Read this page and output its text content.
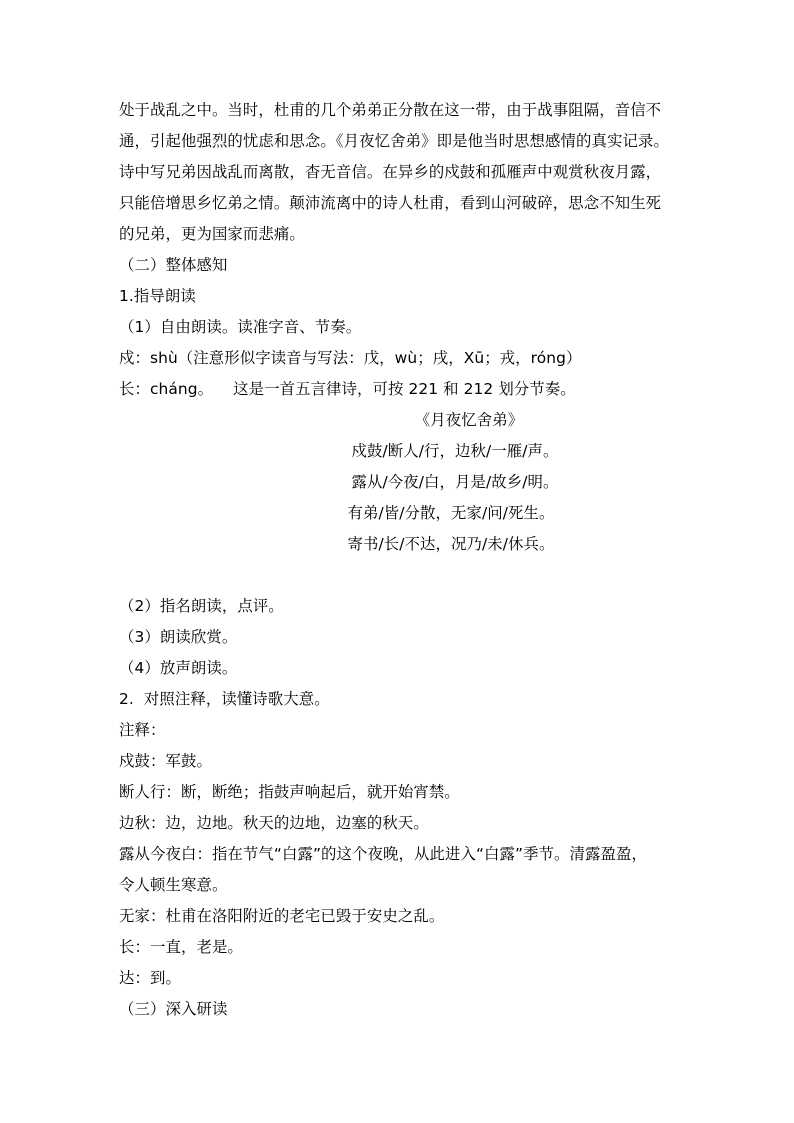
处于战乱之中。当时，杜甫的几个弟弟正分散在这一带，由于战事阻隔，音信不
通，引起他强烈的忧虑和思念。《月夜忆舍弟》即是他当时思想感情的真实记录。
诗中写兄弟因战乱而离散，杳无音信。在异乡的戍鼓和孤雁声中观赏秋夜月露，
只能倍增思乡忆弟之情。颠沛流离中的诗人杜甫，看到山河破碎，思念不知生死
的兄弟，更为国家而悲痛。
（二）整体感知
1.指导朗读
（1）自由朗读。读准字音、节奏。
戍：shù（注意形似字读音与写法：戊，wù；戌，Xū；戎，róng）
长：cháng。    这是一首五言律诗，可按 221 和 212 划分节奏。
《月夜忆舍弟》
戍鼓/断人/行，边秋/一雁/声。
露从/今夜/白，月是/故乡/明。
有弟/皆/分散，无家/问/死生。
寄书/长/不达，况乃/未/休兵。
（2）指名朗读，点评。
（3）朗读欣赏。
（4）放声朗读。
2.  对照注释，读懂诗歌大意。
注释：
戍鼓：军鼓。
断人行：断，断绝；指鼓声响起后，就开始宵禁。
边秋：边，边地。秋天的边地，边塞的秋天。
露从今夜白：指在节气“白露”的这个夜晚，从此进入“白露”季节。清露盈盈，
令人顿生寒意。
无家：杜甫在洛阳附近的老宅已毁于安史之乱。
长：一直，老是。
达：到。
（三）深入研读
